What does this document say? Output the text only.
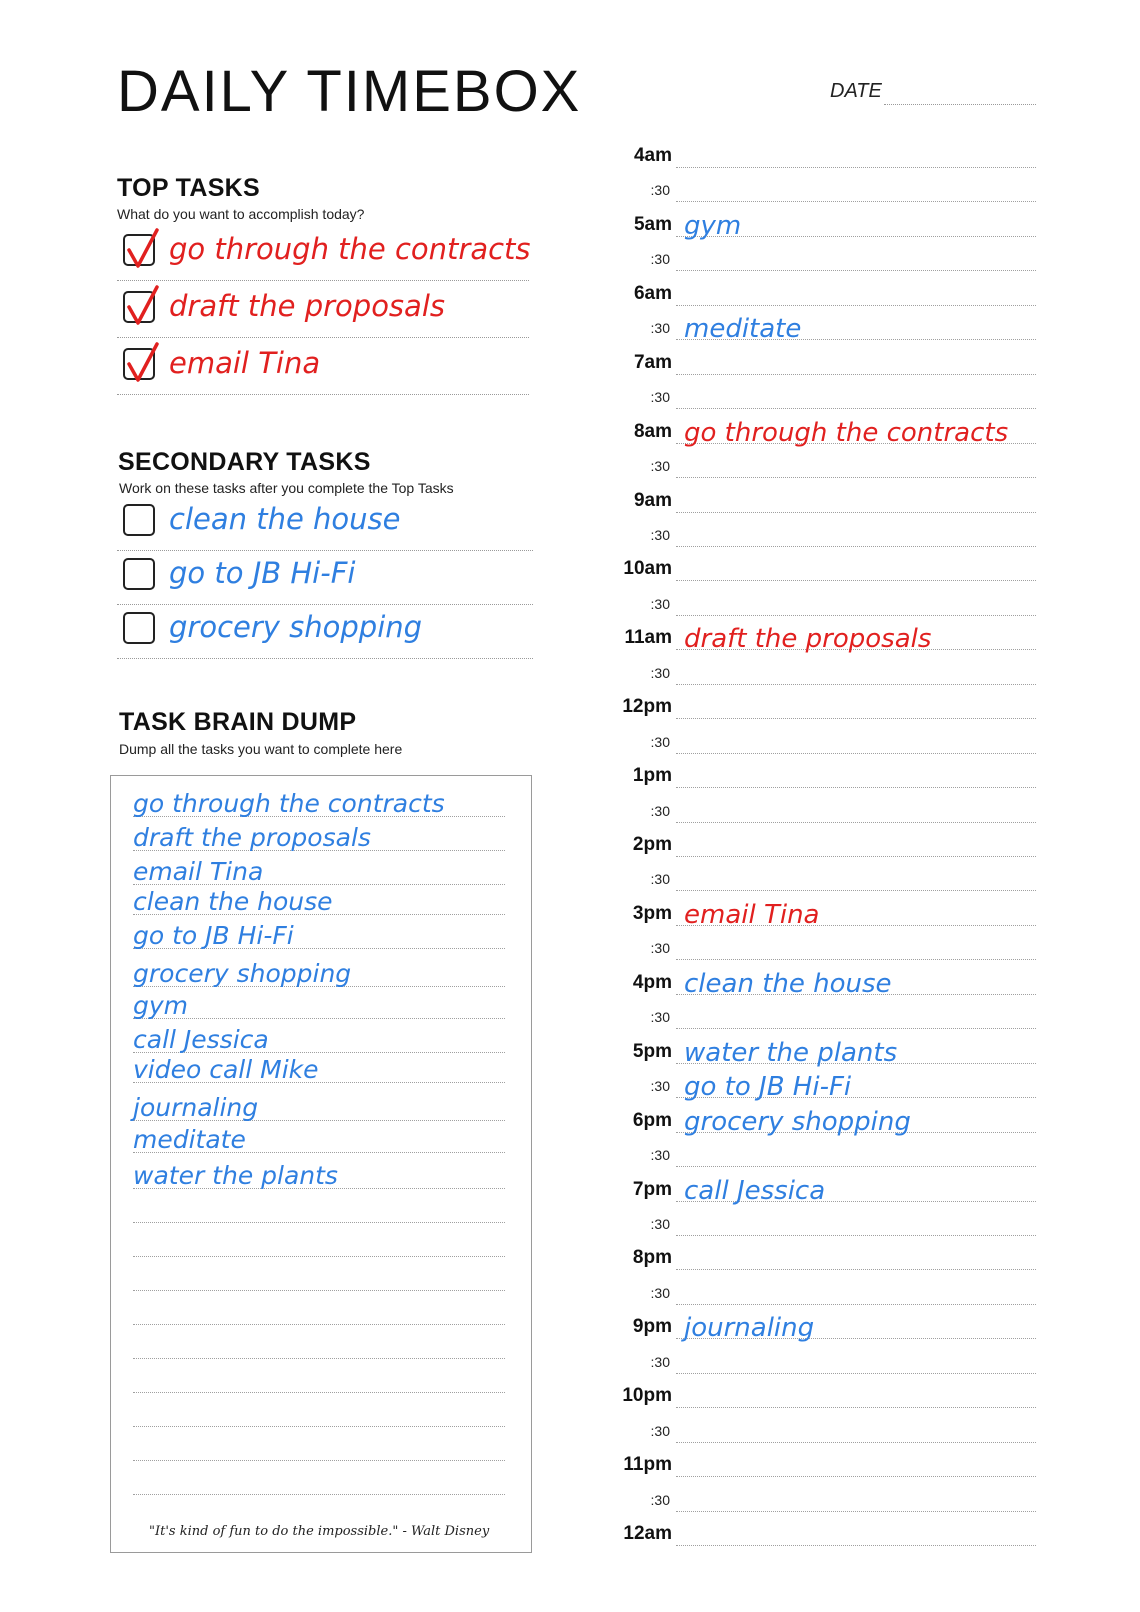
DAILY TIMEBOX	DATE
TOP TASKS
What do you want to accomplish today?
go through the contracts
draft the proposals
email Tina
SECONDARY TASKS
Work on these tasks after you complete the Top Tasks
clean the house
go to JB Hi-Fi
grocery shopping
TASK BRAIN DUMP
Dump all the tasks you want to complete here
go through the contracts
draft the proposals
email Tina
clean the house
go to JB Hi-Fi
grocery shopping
gym
call Jessica
video call Mike
journaling
meditate
water the plants
"It's kind of fun to do the impossible." - Walt Disney
4am
:30
5am gym
:30
6am
:30 meditate
7am
:30
8am go through the contracts
:30
9am
:30
10am
:30
11am draft the proposals
:30
12pm
:30
1pm
:30
2pm
:30
3pm email Tina
:30
4pm clean the house
:30
5pm water the plants
:30 go to JB Hi-Fi
6pm grocery shopping
:30
7pm call Jessica
:30
8pm
:30
9pm journaling
:30
10pm
:30
11pm
:30
12am
